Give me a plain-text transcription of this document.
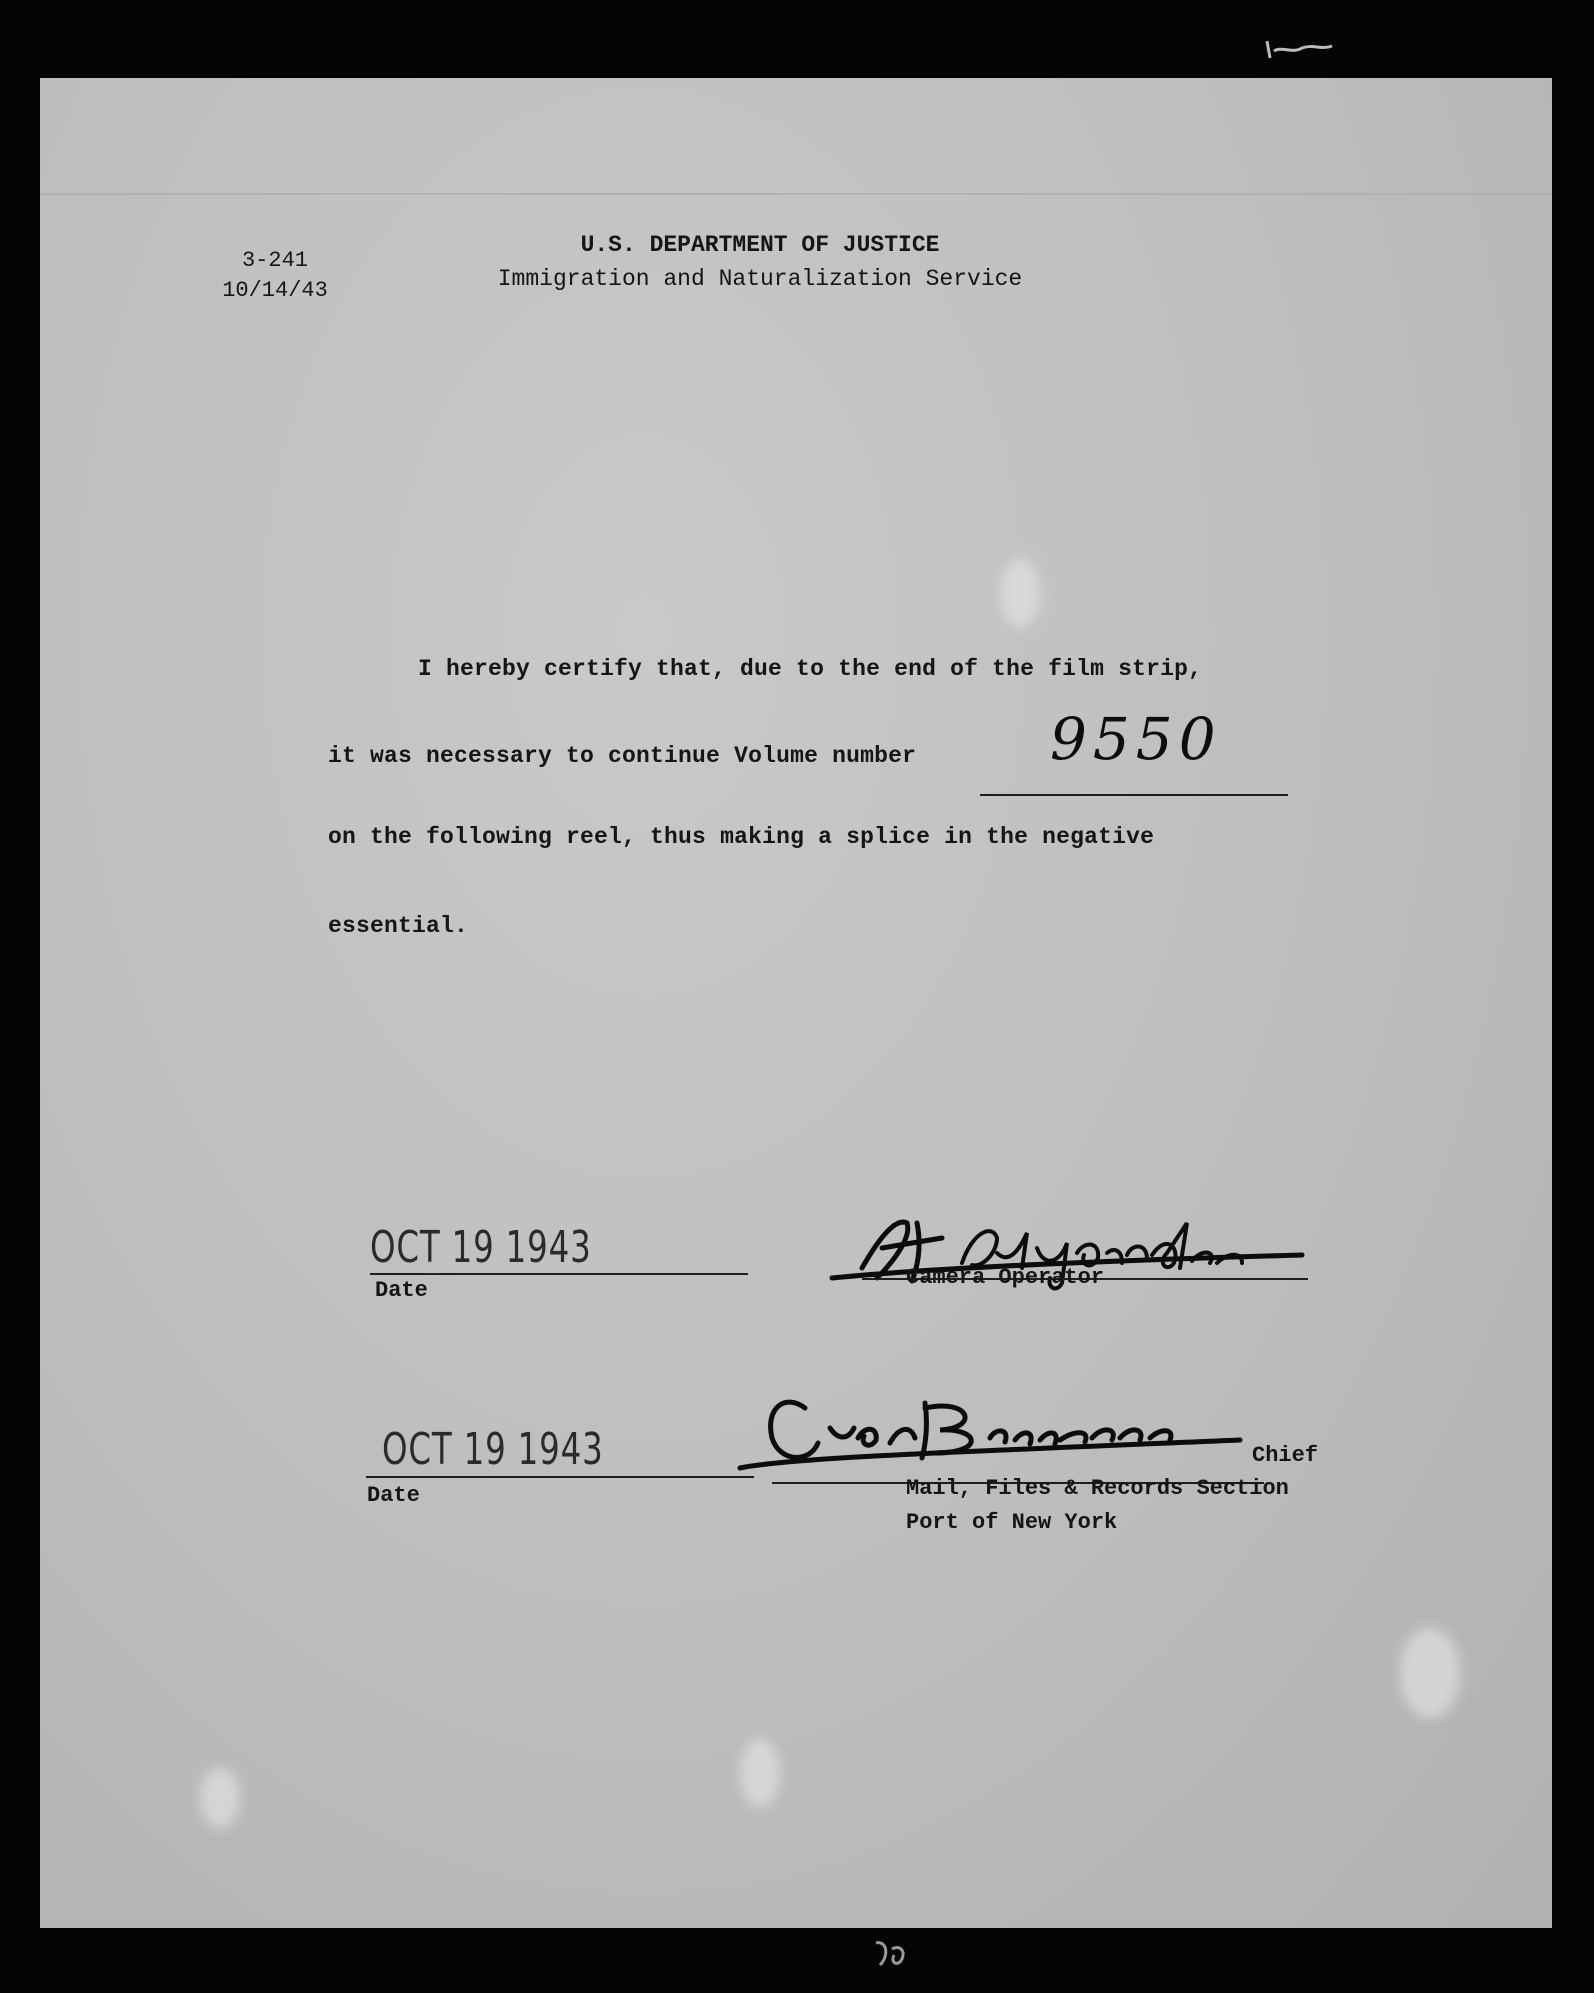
3-241
10/14/43
U.S. DEPARTMENT OF JUSTICE
Immigration and Naturalization Service
I hereby certify that, due to the end of the film strip,
it was necessary to continue Volume number 9550
on the following reel, thus making a splice in the negative
essential.
OCT 19 1943
Date
Camera Operator
OCT 19 1943
Date
Chief
Mail, Files & Records Section
Port of New York
